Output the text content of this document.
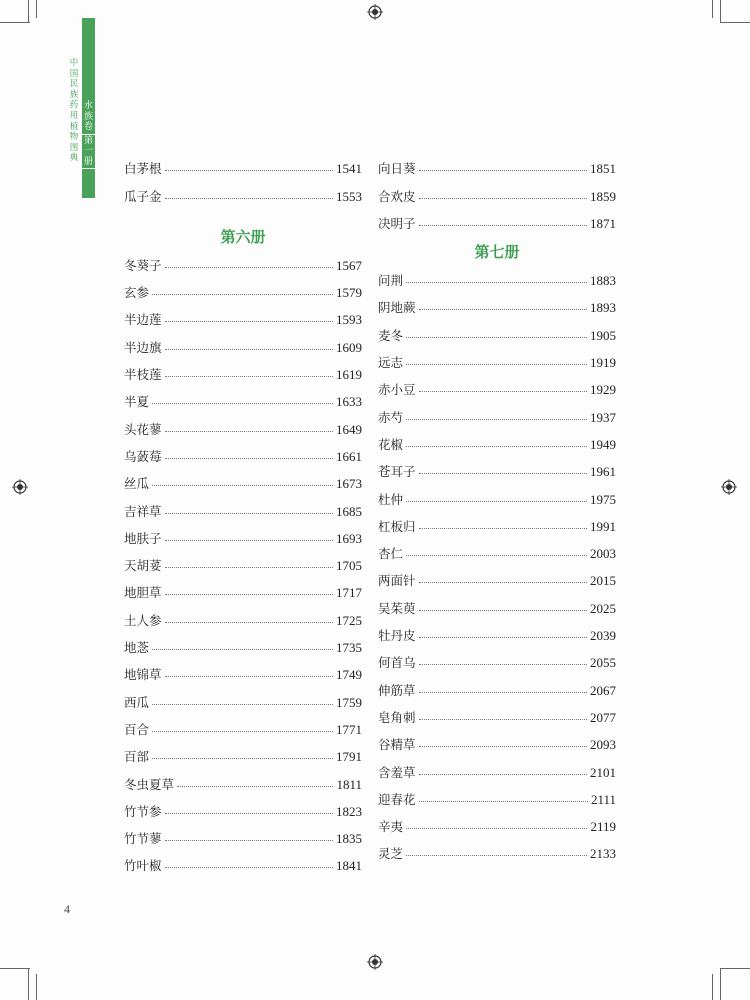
中国民族药用植物图典
水族卷
第一册 白茅根	1541
瓜子金	1553
第六册
冬葵子	1567
玄参	1579
半边莲	1593
半边旗	1609
半枝莲	1619
半夏	1633
头花蓼	1649
乌蔹莓	1661
丝瓜	1673
吉祥草	1685
地肤子	1693
天胡荽	1705
地胆草	1717
土人参	1725
地菍	1735
地锦草	1749
西瓜	1759
百合	1771
百部	1791
冬虫夏草	1811
竹节参	1823
竹节蓼	1835
竹叶椒	1841
向日葵	1851
合欢皮	1859
决明子	1871
第七册
问荆	1883
阴地蕨	1893
麦冬	1905
远志	1919
赤小豆	1929
赤芍	1937
花椒	1949
苍耳子	1961
杜仲	1975
杠板归	1991
杏仁	2003
两面针	2015
吴茱萸	2025
牡丹皮	2039
何首乌	2055
伸筋草	2067
皂角刺	2077
谷精草	2093
含羞草	2101
迎春花	2111
辛夷	2119
灵芝	2133
4
